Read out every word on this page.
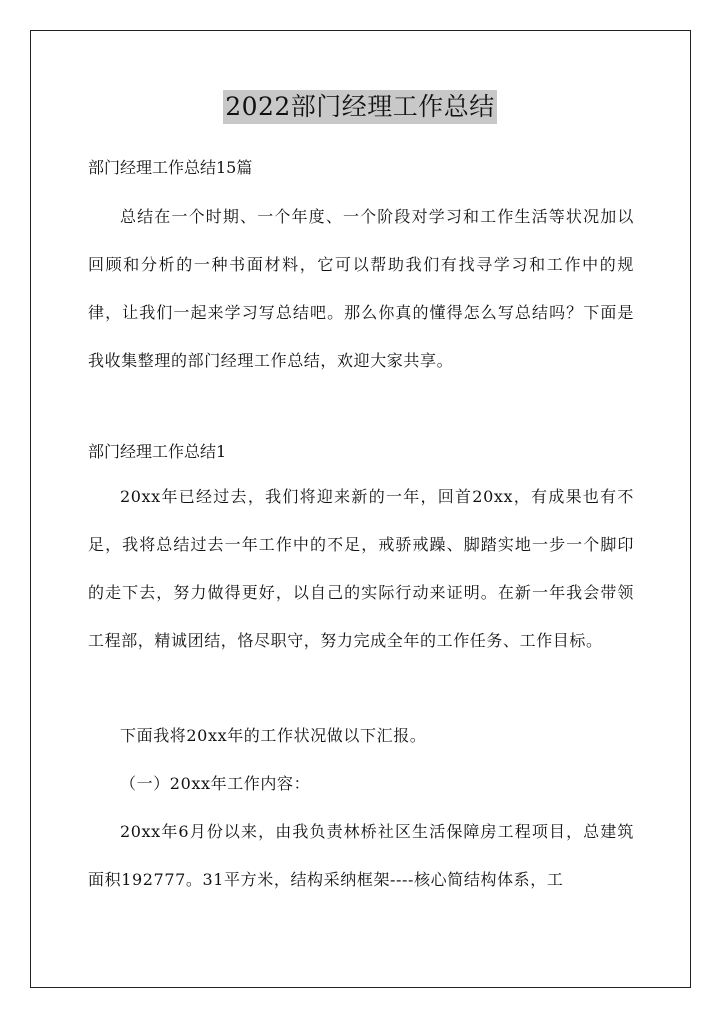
2022部门经理工作总结
部门经理工作总结15篇

总结在一个时期、一个年度、一个阶段对学习和工作生活等状况加以回顾和分析的一种书面材料，它可以帮助我们有找寻学习和工作中的规律，让我们一起来学习写总结吧。那么你真的懂得怎么写总结吗？下面是我收集整理的部门经理工作总结，欢迎大家共享。

部门经理工作总结1

20xx年已经过去，我们将迎来新的一年，回首20xx，有成果也有不足，我将总结过去一年工作中的不足，戒骄戒躁、脚踏实地一步一个脚印的走下去，努力做得更好，以自己的实际行动来证明。在新一年我会带领工程部，精诚团结，恪尽职守，努力完成全年的工作任务、工作目标。

下面我将20xx年的工作状况做以下汇报。

（一）20xx年工作内容：

20xx年6月份以来，由我负责林桥社区生活保障房工程项目，总建筑面积192777。31平方米，结构采纳框架----核心简结构体系，工
